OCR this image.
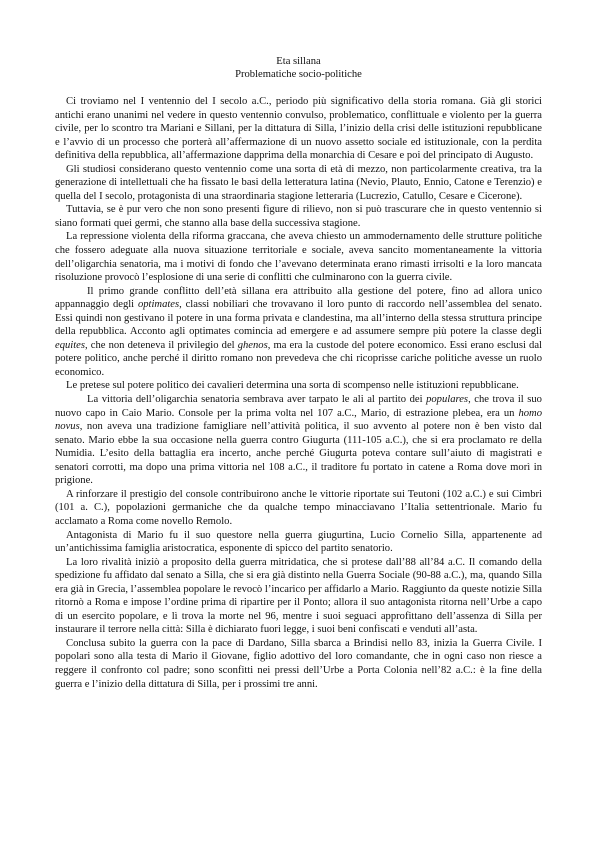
Eta sillana
Problematiche socio-politiche

Ci troviamo nel I ventennio del I secolo a.C., periodo più significativo della storia romana. Già gli storici antichi erano unanimi nel vedere in questo ventennio convulso, problematico, conflittuale e violento per la guerra civile, per lo scontro tra Mariani e Sillani, per la dittatura di Silla, l’inizio della crisi delle istituzioni repubblicane e l’avvio di un processo che porterà all’affermazione di un nuovo assetto sociale ed istituzionale, con la perdita definitiva della repubblica, all’affermazione dapprima della monarchia di Cesare e poi del principato di Augusto.

Gli studiosi considerano questo ventennio come una sorta di età di mezzo, non particolarmente creativa, tra la generazione di intellettuali che ha fissato le basi della letteratura latina (Nevio, Plauto, Ennio, Catone e Terenzio) e quella del I secolo, protagonista di una straordinaria stagione letteraria (Lucrezio, Catullo, Cesare e Cicerone).

Tuttavia, se è pur vero che non sono presenti figure di rilievo, non si può trascurare che in questo ventennio si siano formati quei germi, che stanno alla base della successiva stagione.

La repressione violenta della riforma graccana, che aveva chiesto un ammodernamento delle strutture politiche che fossero adeguate alla nuova situazione territoriale e sociale, aveva sancito momentaneamente la vittoria dell’oligarchia senatoria, ma i motivi di fondo che l’avevano determinata erano rimasti irrisolti e la loro mancata risoluzione provocò l’esplosione di una serie di conflitti che culminarono con la guerra civile.

Il primo grande conflitto dell’età sillana era attribuito alla gestione del potere, fino ad allora unico appannaggio degli optimates, classi nobiliari che trovavano il loro punto di raccordo nell’assemblea del senato. Essi quindi non gestivano il potere in una forma privata e clandestina, ma all’interno della stessa struttura principe della repubblica. Acconto agli optimates comincia ad emergere e ad assumere sempre più potere la classe degli equites, che non deteneva il privilegio del ghenos, ma era la custode del potere economico. Essi erano esclusi dal potere politico, anche perché il diritto romano non prevedeva che chi ricoprisse cariche politiche avesse un ruolo economico.

Le pretese sul potere politico dei cavalieri determina una sorta di scompenso nelle istituzioni repubblicane.

La vittoria dell’oligarchia senatoria sembrava aver tarpato le ali al partito dei populares, che trova il suo nuovo capo in Caio Mario. Console per la prima volta nel 107 a.C., Mario, di estrazione plebea, era un homo novus, non aveva una tradizione famigliare nell’attività politica, il suo avvento al potere non è ben visto dal senato. Mario ebbe la sua occasione nella guerra contro Giugurta (111-105 a.C.), che si era proclamato re della Numidia. L’esito della battaglia era incerto, anche perché Giugurta poteva contare sull’aiuto di magistrati e senatori corrotti, ma dopo una prima vittoria nel 108 a.C., il traditore fu portato in catene a Roma dove morì in prigione.

A rinforzare il prestigio del console contribuirono anche le vittorie riportate sui Teutoni (102 a.C.) e sui Cimbri (101 a. C.), popolazioni germaniche che da qualche tempo minacciavano l’Italia settentrionale. Mario fu acclamato a Roma come novello Remolo.

Antagonista di Mario fu il suo questore nella guerra giugurtina, Lucio Cornelio Silla, appartenente ad un’antichissima famiglia aristocratica, esponente di spicco del partito senatorio.

La loro rivalità iniziò a proposito della guerra mitridatica, che si protese dall’88 all’84 a.C. Il comando della spedizione fu affidato dal senato a Silla, che si era già distinto nella Guerra Sociale (90-88 a.C.), ma, quando Silla era già in Grecia, l’assemblea popolare le revocò l’incarico per affidarlo a Mario. Raggiunto da queste notizie Silla ritornò a Roma e impose l’ordine prima di ripartire per il Ponto; allora il suo antagonista ritorna nell’Urbe a capo di un esercito popolare, e lì trova la morte nel 96, mentre i suoi seguaci approfittano dell’assenza di Silla per instaurare il terrore nella città: Silla è dichiarato fuori legge, i suoi beni confiscati e venduti all’asta.

Conclusa subito la guerra con la pace di Dardano, Silla sbarca a Brindisi nello 83, inizia la Guerra Civile. I popolari sono alla testa di Mario il Giovane, figlio adottivo del loro comandante, che in ogni caso non riesce a reggere il confronto col padre; sono sconfitti nei pressi dell’Urbe a Porta Colonia nell’82 a.C.: è la fine della guerra e l’inizio della dittatura di Silla, per i prossimi tre anni.
